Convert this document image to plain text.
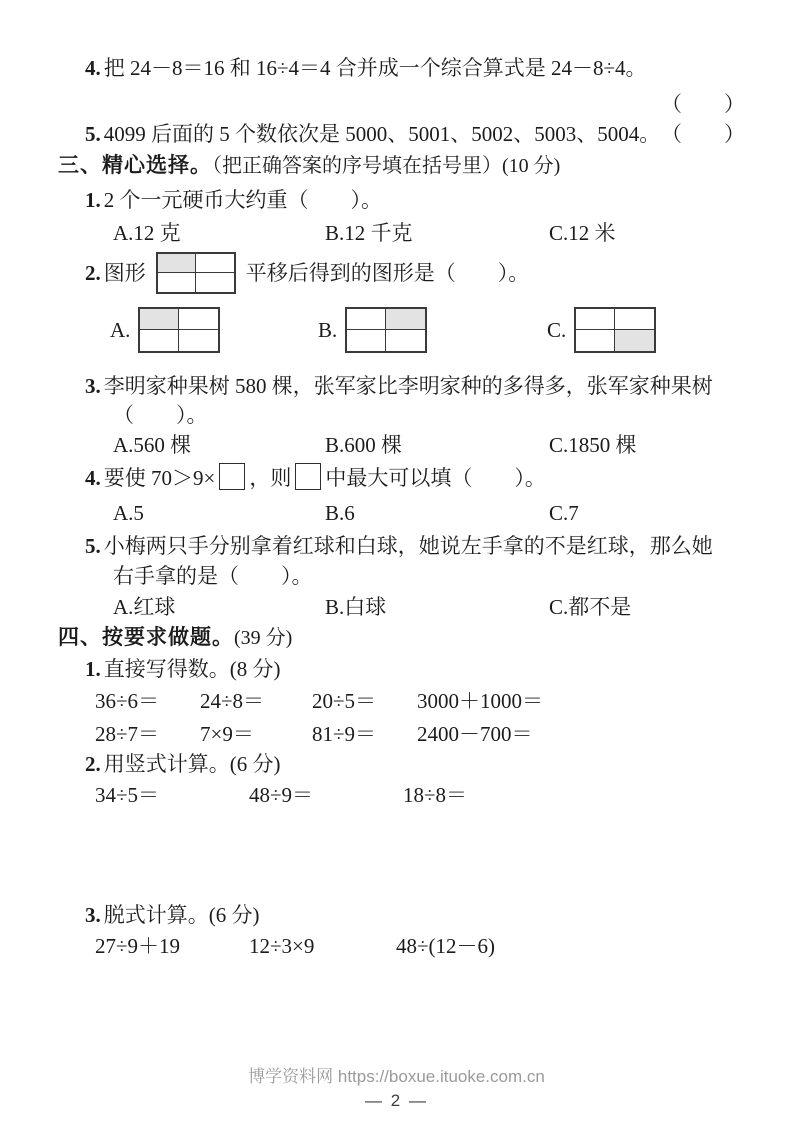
4. 把 24－8＝16 和 16÷4＝4 合并成一个综合算式是 24－8÷4。
（　　）
5. 4099 后面的 5 个数依次是 5000、5001、5002、5003、5004。 （　　）
三、精心选择。（把正确答案的序号填在括号里）(10 分)
1. 2 个一元硬币大约重（　　）。
A.12 克	B.12 千克	C.12 米
2. 图形	平移后得到的图形是（　　）。
A.	B.	C.
3. 李明家种果树 580 棵，张军家比李明家种的多得多，张军家种果树
（　　）。
A.560 棵	B.600 棵	C.1850 棵
4. 要使 70＞9× ，则 中最大可以填（　　）。
A.5	B.6	C.7
5. 小梅两只手分别拿着红球和白球，她说左手拿的不是红球，那么她
右手拿的是（　　）。
A.红球	B.白球	C.都不是
四、按要求做题。(39 分)
1. 直接写得数。(8 分)
36÷6＝	24÷8＝	20÷5＝	3000＋1000＝
28÷7＝	7×9＝	81÷9＝	2400－700＝
2. 用竖式计算。(6 分)
34÷5＝	48÷9＝	18÷8＝
3. 脱式计算。(6 分)
27÷9＋19	12÷3×9	48÷(12－6)
博学资料网 https://boxue.ituoke.com.cn
— 2 —
